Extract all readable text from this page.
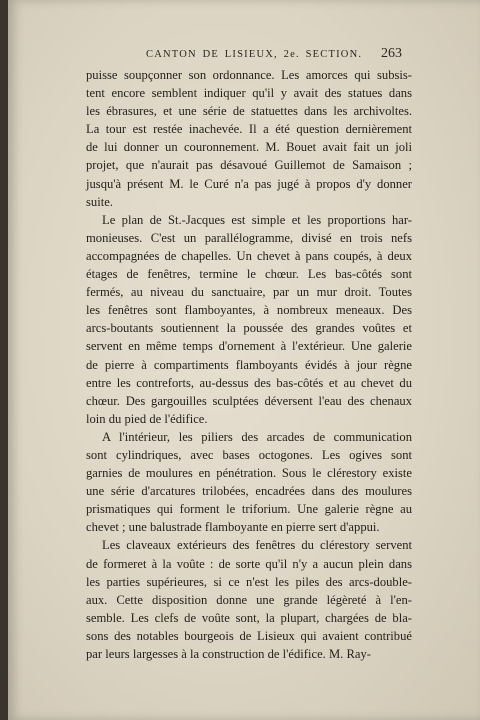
CANTON DE LISIEUX, 2e. SECTION. 263
puisse soupçonner son ordonnance. Les amorces qui subsis-
tent encore semblent indiquer qu'il y avait des statues dans
les ébrasures, et une série de statuettes dans les archivoltes.
La tour est restée inachevée. Il a été question dernièrement
de lui donner un couronnement. M. Bouet avait fait un joli
projet, que n'aurait pas désavoué Guillemot de Samaison ;
jusqu'à présent M. le Curé n'a pas jugé à propos d'y donner
suite.
Le plan de St.-Jacques est simple et les proportions har-
monieuses. C'est un parallélogramme, divisé en trois nefs
accompagnées de chapelles. Un chevet à pans coupés, à deux
étages de fenêtres, termine le chœur. Les bas-côtés sont
fermés, au niveau du sanctuaire, par un mur droit. Toutes
les fenêtres sont flamboyantes, à nombreux meneaux. Des
arcs-boutants soutiennent la poussée des grandes voûtes et
servent en même temps d'ornement à l'extérieur. Une galerie
de pierre à compartiments flamboyants évidés à jour règne
entre les contreforts, au-dessus des bas-côtés et au chevet du
chœur. Des gargouilles sculptées déversent l'eau des chenaux
loin du pied de l'édifice.
A l'intérieur, les piliers des arcades de communication
sont cylindriques, avec bases octogones. Les ogives sont
garnies de moulures en pénétration. Sous le clérestory existe
une série d'arcatures trilobées, encadrées dans des moulures
prismatiques qui forment le triforium. Une galerie règne au
chevet ; une balustrade flamboyante en pierre sert d'appui.
Les claveaux extérieurs des fenêtres du clérestory servent
de formeret à la voûte : de sorte qu'il n'y a aucun plein dans
les parties supérieures, si ce n'est les piles des arcs-double-
aux. Cette disposition donne une grande légèreté à l'en-
semble. Les clefs de voûte sont, la plupart, chargées de bla-
sons des notables bourgeois de Lisieux qui avaient contribué
par leurs largesses à la construction de l'édifice. M. Ray-
